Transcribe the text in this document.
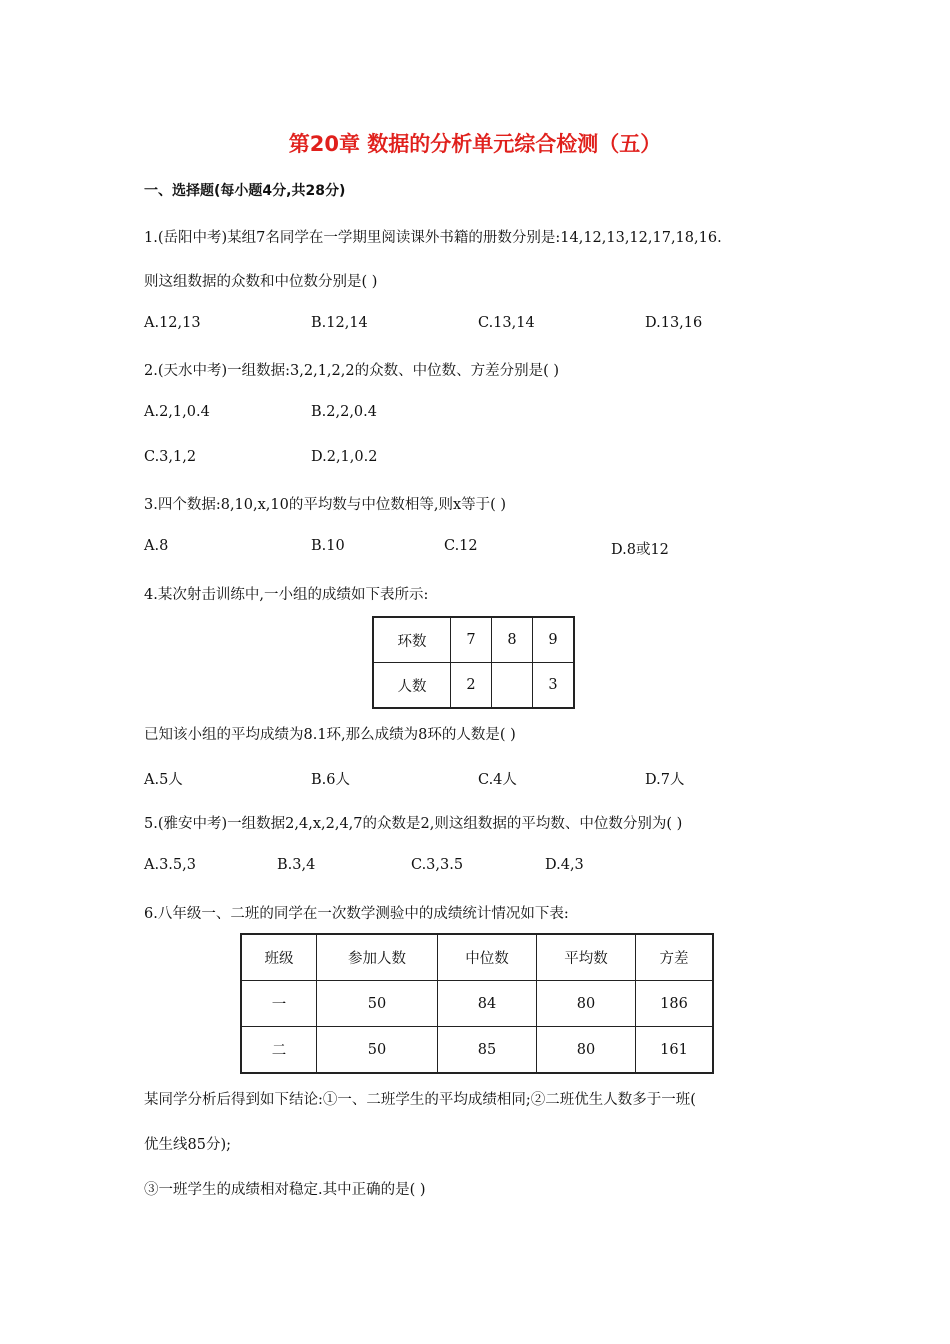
第20章 数据的分析单元综合检测（五）
一、选择题(每小题4分,共28分)
1.(岳阳中考)某组7名同学在一学期里阅读课外书籍的册数分别是:14,12,13,12,17,18,16.
则这组数据的众数和中位数分别是( )
A.12,13	B.12,14	C.13,14	D.13,16
2.(天水中考)一组数据:3,2,1,2,2的众数、中位数、方差分别是( )
A.2,1,0.4	B.2,2,0.4
C.3,1,2	D.2,1,0.2
3.四个数据:8,10,x,10的平均数与中位数相等,则x等于( )
A.8	B.10	C.12	D.8或12
4.某次射击训练中,一小组的成绩如下表所示:
环数	7	8	9
人数	2		3
已知该小组的平均成绩为8.1环,那么成绩为8环的人数是( )
A.5人	B.6人	C.4人	D.7人
5.(雅安中考)一组数据2,4,x,2,4,7的众数是2,则这组数据的平均数、中位数分别为( )
A.3.5,3	B.3,4	C.3,3.5	D.4,3
6.八年级一、二班的同学在一次数学测验中的成绩统计情况如下表:
班级	参加人数	中位数	平均数	方差
一	50	84	80	186
二	50	85	80	161
某同学分析后得到如下结论:①一、二班学生的平均成绩相同;②二班优生人数多于一班(
优生线85分);
③一班学生的成绩相对稳定.其中正确的是( )
